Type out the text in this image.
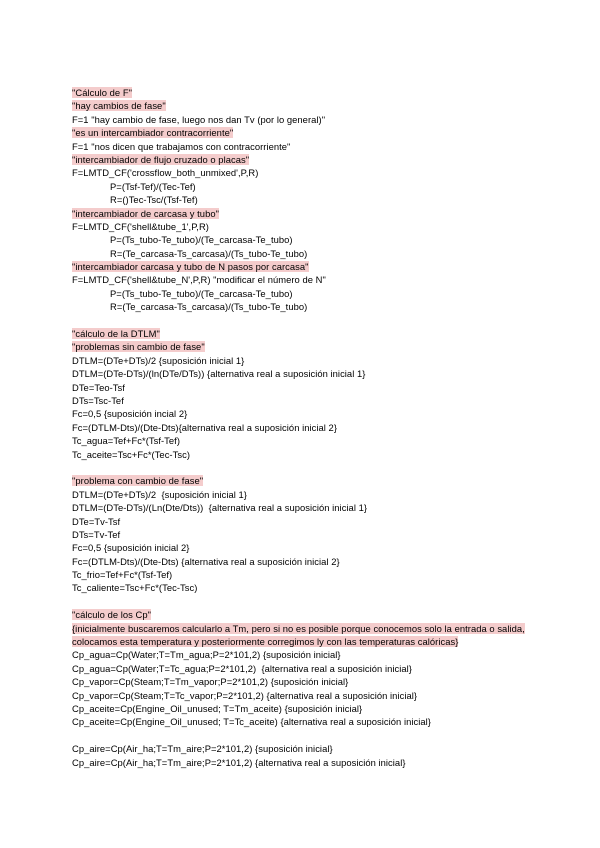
"Cálculo de F"
"hay cambios de fase"
F=1 "hay cambio de fase, luego nos dan Tv (por lo general)"
"es un intercambiador contracorriente"
F=1 "nos dicen que trabajamos con contracorriente"
"intercambiador de flujo cruzado o placas"
F=LMTD_CF('crossflow_both_unmixed',P,R)
P=(Tsf-Tef)/(Tec-Tef)
R=()Tec-Tsc/(Tsf-Tef)
"intercambiador de carcasa y tubo"
F=LMTD_CF('shell&tube_1',P,R)
P=(Ts_tubo-Te_tubo)/(Te_carcasa-Te_tubo)
R=(Te_carcasa-Ts_carcasa)/(Ts_tubo-Te_tubo)
"intercambiador carcasa y tubo de N pasos por carcasa"
F=LMTD_CF('shell&tube_N',P,R) "modificar el número de N"
P=(Ts_tubo-Te_tubo)/(Te_carcasa-Te_tubo)
R=(Te_carcasa-Ts_carcasa)/(Ts_tubo-Te_tubo)
"cálculo de la DTLM"
"problemas sin cambio de fase"
DTLM=(DTe+DTs)/2 {suposición inicial 1}
DTLM=(DTe-DTs)/(ln(DTe/DTs)) {alternativa real a suposición inicial 1}
DTe=Teo-Tsf
DTs=Tsc-Tef
Fc=0,5 {suposición incial 2}
Fc=(DTLM-Dts)/(Dte-Dts){alternativa real a suposición inicial 2}
Tc_agua=Tef+Fc*(Tsf-Tef)
Tc_aceite=Tsc+Fc*(Tec-Tsc)
"problema con cambio de fase"
DTLM=(DTe+DTs)/2  {suposición inicial 1}
DTLM=(DTe-DTs)/(Ln(Dte/Dts))  {alternativa real a suposición inicial 1}
DTe=Tv-Tsf
DTs=Tv-Tef
Fc=0,5 {suposición inicial 2}
Fc=(DTLM-Dts)/(Dte-Dts) {alternativa real a suposición inicial 2}
Tc_frio=Tef+Fc*(Tsf-Tef)
Tc_caliente=Tsc+Fc*(Tec-Tsc)
"cálculo de los Cp"
{inicialmente buscaremos calcularlo a Tm, pero si no es posible porque conocemos solo la entrada o salida, colocamos esta temperatura y posteriormente corregimos ly con las temperaturas calóricas}
Cp_agua=Cp(Water;T=Tm_agua;P=2*101,2) {suposición inicial}
Cp_agua=Cp(Water;T=Tc_agua;P=2*101,2)  {alternativa real a suposición inicial}
Cp_vapor=Cp(Steam;T=Tm_vapor;P=2*101,2) {suposición inicial}
Cp_vapor=Cp(Steam;T=Tc_vapor;P=2*101,2) {alternativa real a suposición inicial}
Cp_aceite=Cp(Engine_Oil_unused; T=Tm_aceite) {suposición inicial}
Cp_aceite=Cp(Engine_Oil_unused; T=Tc_aceite) {alternativa real a suposición inicial}
Cp_aire=Cp(Air_ha;T=Tm_aire;P=2*101,2) {suposición inicial}
Cp_aire=Cp(Air_ha;T=Tm_aire;P=2*101,2) {alternativa real a suposición inicial}
